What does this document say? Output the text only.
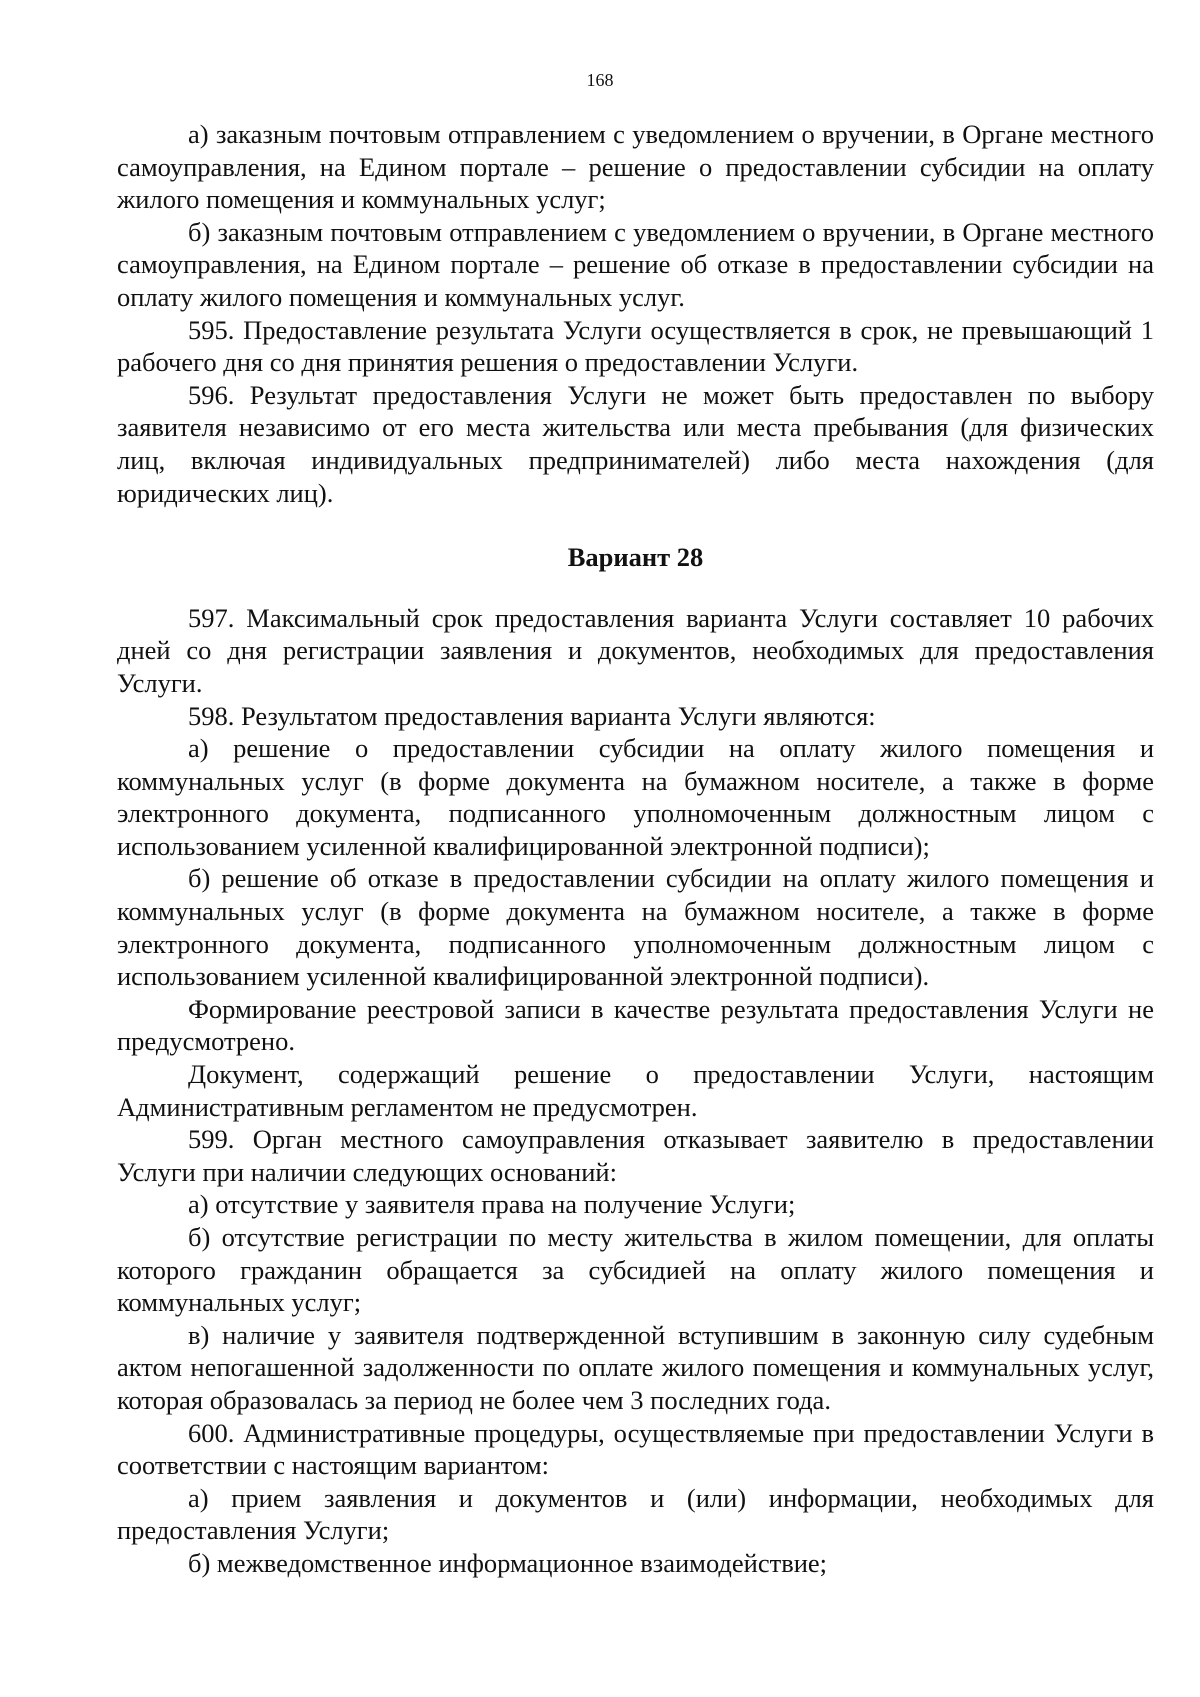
168

а) заказным почтовым отправлением с уведомлением о вручении, в Органе местного самоуправления, на Едином портале – решение о предоставлении субсидии на оплату жилого помещения и коммунальных услуг;

б) заказным почтовым отправлением с уведомлением о вручении, в Органе местного самоуправления, на Едином портале – решение об отказе в предоставлении субсидии на оплату жилого помещения и коммунальных услуг.

595. Предоставление результата Услуги осуществляется в срок, не превышающий 1 рабочего дня со дня принятия решения о предоставлении Услуги.

596. Результат предоставления Услуги не может быть предоставлен по выбору заявителя независимо от его места жительства или места пребывания (для физических лиц, включая индивидуальных предпринимателей) либо места нахождения (для юридических лиц).

Вариант 28

597. Максимальный срок предоставления варианта Услуги составляет 10 рабочих дней со дня регистрации заявления и документов, необходимых для предоставления Услуги.

598. Результатом предоставления варианта Услуги являются:

а) решение о предоставлении субсидии на оплату жилого помещения и коммунальных услуг (в форме документа на бумажном носителе, а также в форме электронного документа, подписанного уполномоченным должностным лицом с использованием усиленной квалифицированной электронной подписи);

б) решение об отказе в предоставлении субсидии на оплату жилого помещения и коммунальных услуг (в форме документа на бумажном носителе, а также в форме электронного документа, подписанного уполномоченным должностным лицом с использованием усиленной квалифицированной электронной подписи).

Формирование реестровой записи в качестве результата предоставления Услуги не предусмотрено.

Документ, содержащий решение о предоставлении Услуги, настоящим Административным регламентом не предусмотрен.

599. Орган местного самоуправления отказывает заявителю в предоставлении Услуги при наличии следующих оснований:

а) отсутствие у заявителя права на получение Услуги;

б) отсутствие регистрации по месту жительства в жилом помещении, для оплаты которого гражданин обращается за субсидией на оплату жилого помещения и коммунальных услуг;

в) наличие у заявителя подтвержденной вступившим в законную силу судебным актом непогашенной задолженности по оплате жилого помещения и коммунальных услуг, которая образовалась за период не более чем 3 последних года.

600. Административные процедуры, осуществляемые при предоставлении Услуги в соответствии с настоящим вариантом:

а) прием заявления и документов и (или) информации, необходимых для предоставления Услуги;

б) межведомственное информационное взаимодействие;
